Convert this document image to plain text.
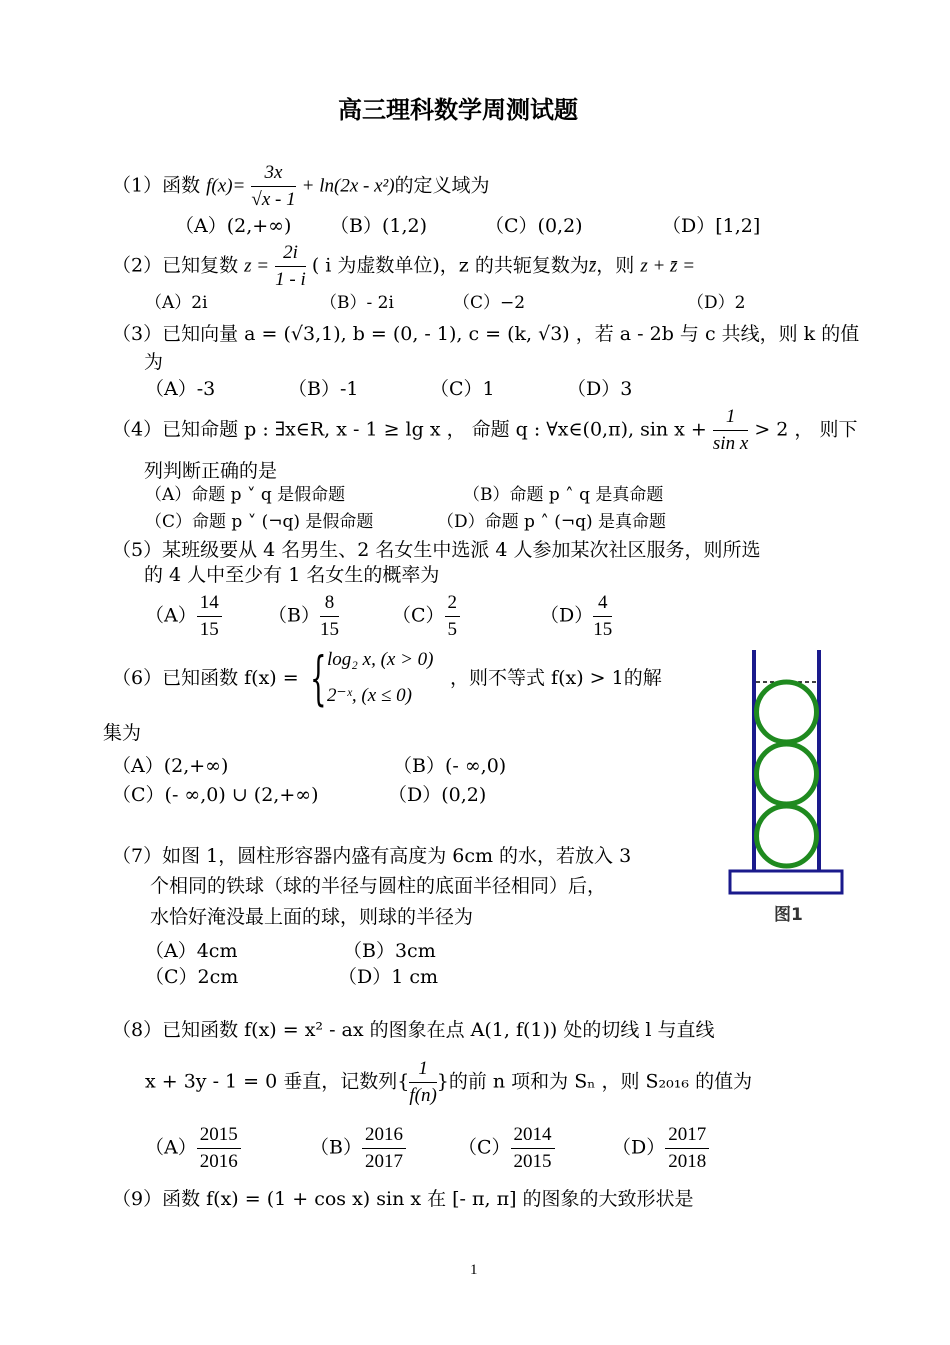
高三理科数学周测试题
（1）函数 $f(x)= \frac{3x}{√x - 1} + \ln(2x - x^2)$的定义域为
（A）(2,+∞) （B）(1,2)	（C）(0,2)	（D）[1,2]
（2）已知复数 $z = \frac{2i}{1 - i}$ ( i 为虚数单位)，z 的共轭复数为z̄，则 z + z̄ =
（A）2i	（B）- 2i	（C）−2	（D）2
（3）已知向量 a = (√3,1), b = (0, - 1), c = (k, √3) ，若 a - 2b 与 c 共线，则 k 的值
为
（A）-3	（B）-1	（C）1	（D）3
（4）已知命题 p : ∃x∈R, x - 1 ≥ lg x ， 命题 q : ∀x∈(0,π), $\sin x + \frac{1}{\text{sin x}} > 2$ ， 则下
列判断正确的是
（A）命题 p ˅ q 是假命题	（B）命题 p ˄ q 是真命题
（C）命题 p ˅ (¬q) 是假命题	（D）命题 p ˄ (¬q) 是真命题
（5）某班级要从 4 名男生、2 名女生中选派 4 人参加某次社区服务，则所选
的 4 人中至少有 1 名女生的概率为
$(A) \frac{14}{15} (B) \frac{8}{15}$	$(C) \frac{2}{5}$	$(D) \frac{4}{15}$
（6）已知函数 f(x) = { log₂ x, (x > 0)
2⁻ˣ, (x ≤ 0)
，则不等式 f(x) > 1的解
集为
（A）(2,+∞)	（B）(- ∞,0)
（C）(- ∞,0) ∪ (2,+∞)	（D）(0,2)
图1
（7）如图 1，圆柱形容器内盛有高度为 6cm 的水，若放入 3
个相同的铁球（球的半径与圆柱的底面半径相同）后，
水恰好淹没最上面的球，则球的半径为
（A）4cm	（B）3cm
（C）2cm	（D）1 cm
（8）已知函数 f(x) = x² - ax 的图象在点 A(1, f(1)) 处的切线 l 与直线
x + 3y - 1 = 0 垂直，记数列{ $\frac{1}{f(n)}$ }的前 n 项和为 Sₙ ，则 S₂₀₁₆ 的值为
$(A) \frac{2015}{2016}$	$(B) \frac{2016}{2017}$	$(C) \frac{2014}{2015}$	$(D) \frac{2017}{2018}$
（9）函数 f(x) = (1 + cos x) sin x 在 [- π, π] 的图象的大致形状是
1
